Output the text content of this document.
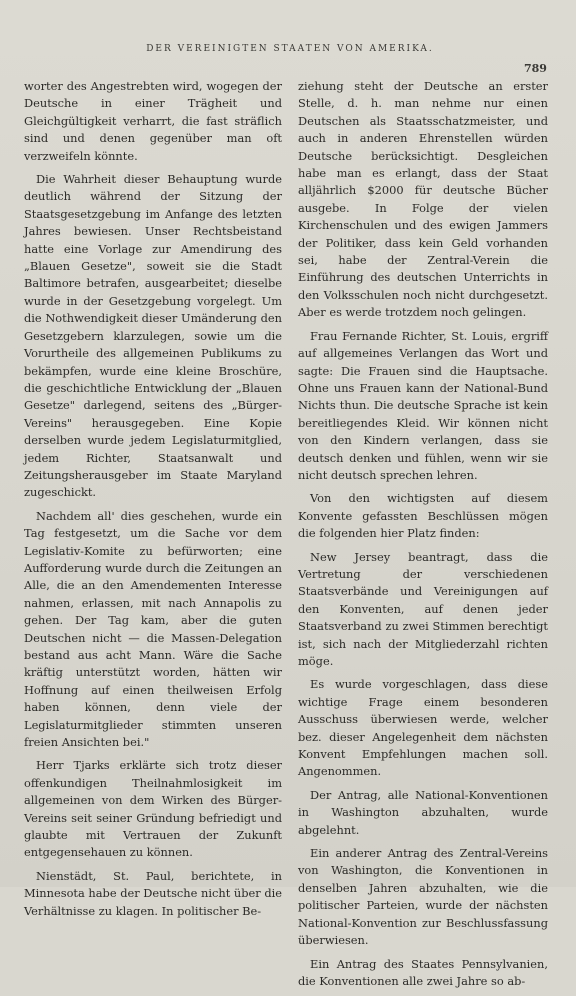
DER VEREINIGTEN STAATEN VON AMERIKA.
789

worter des Angestrebten wird, wogegen der Deutsche in einer Trägheit und Gleichgültigkeit verharrt, die fast sträflich sind und denen gegenüber man oft verzweifeln könnte.

Die Wahrheit dieser Behauptung wurde deutlich während der Sitzung der Staatsgesetzgebung im Anfange des letzten Jahres bewiesen. Unser Rechtsbeistand hatte eine Vorlage zur Amendirung des „Blauen Gesetze", soweit sie die Stadt Baltimore betrafen, ausgearbeitet; dieselbe wurde in der Gesetzgebung vorgelegt. Um die Nothwendigkeit dieser Umänderung den Gesetzgebern klarzulegen, sowie um die Vorurtheile des allgemeinen Publikums zu bekämpfen, wurde eine kleine Broschüre, die geschichtliche Entwicklung der „Blauen Gesetze" darlegend, seitens des „Bürger-Vereins" herausgegeben. Eine Kopie derselben wurde jedem Legislaturmitglied, jedem Richter, Staatsanwalt und Zeitungsherausgeber im Staate Maryland zugeschickt.

Nachdem all' dies geschehen, wurde ein Tag festgesetzt, um die Sache vor dem Legislativ-Komite zu befürworten; eine Aufforderung wurde durch die Zeitungen an Alle, die an den Amendementen Interesse nahmen, erlassen, mit nach Annapolis zu gehen. Der Tag kam, aber die guten Deutschen nicht — die Massen-Delegation bestand aus acht Mann. Wäre die Sache kräftig unterstützt worden, hätten wir Hoffnung auf einen theilweisen Erfolg haben können, denn viele der Legislaturmitglieder stimmten unseren freien Ansichten bei."

Herr Tjarks erklärte sich trotz dieser offenkundigen Theilnahmlosigkeit im allgemeinen von dem Wirken des Bürger-Vereins seit seiner Gründung befriedigt und glaubte mit Vertrauen der Zukunft entgegensehauen zu können.

Nienstädt, St. Paul, berichtete, in Minnesota habe der Deutsche nicht über die Verhältnisse zu klagen. In politischer Be-

ziehung steht der Deutsche an erster Stelle, d. h. man nehme nur einen Deutschen als Staatsschatzmeister, und auch in anderen Ehrenstellen würden Deutsche berücksichtigt. Desgleichen habe man es erlangt, dass der Staat alljährlich $2000 für deutsche Bücher ausgebe. In Folge der vielen Kirchenschulen und des ewigen Jammers der Politiker, dass kein Geld vorhanden sei, habe der Zentral-Verein die Einführung des deutschen Unterrichts in den Volksschulen noch nicht durchgesetzt. Aber es werde trotzdem noch gelingen.

Frau Fernande Richter, St. Louis, ergriff auf allgemeines Verlangen das Wort und sagte: Die Frauen sind die Hauptsache. Ohne uns Frauen kann der National-Bund Nichts thun. Die deutsche Sprache ist kein bereitliegendes Kleid. Wir können nicht von den Kindern verlangen, dass sie deutsch denken und fühlen, wenn wir sie nicht deutsch sprechen lehren.

Von den wichtigsten auf diesem Konvente gefassten Beschlüssen mögen die folgenden hier Platz finden:

New Jersey beantragt, dass die Vertretung der verschiedenen Staatsverbände und Vereinigungen auf den Konventen, auf denen jeder Staatsverband zu zwei Stimmen berechtigt ist, sich nach der Mitgliederzahl richten möge.

Es wurde vorgeschlagen, dass diese wichtige Frage einem besonderen Ausschuss überwiesen werde, welcher bez. dieser Angelegenheit dem nächsten Konvent Empfehlungen machen soll. Angenommen.

Der Antrag, alle National-Konventionen in Washington abzuhalten, wurde abgelehnt.

Ein anderer Antrag des Zentral-Vereins von Washington, die Konventionen in denselben Jahren abzuhalten, wie die politischer Parteien, wurde der nächsten National-Konvention zur Beschlussfassung überwiesen.

Ein Antrag des Staates Pennsylvanien, die Konventionen alle zwei Jahre so ab-
